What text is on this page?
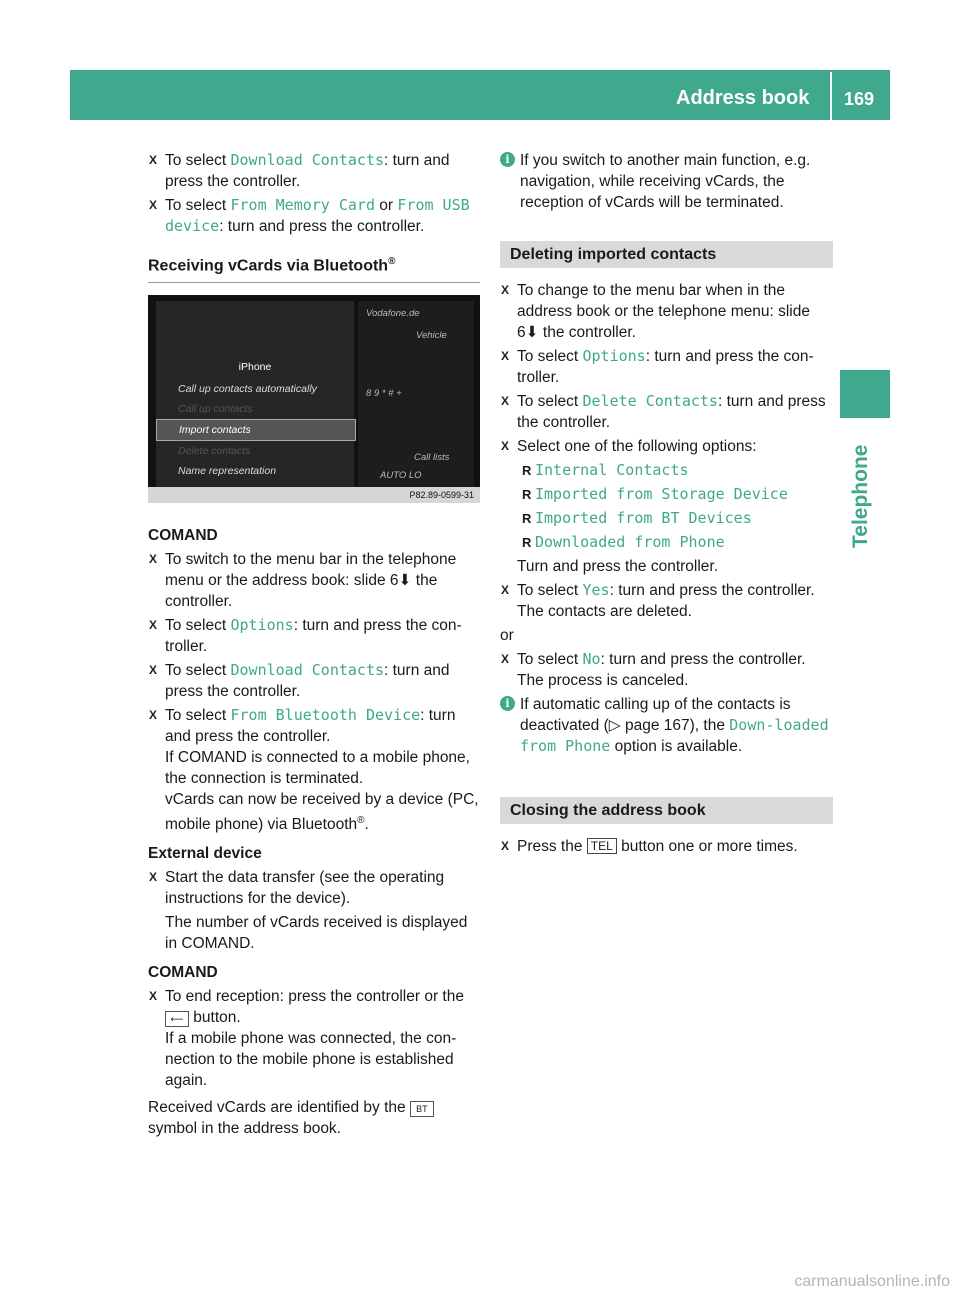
Address book 169
Telephone
X To select Download Contacts: turn and press the controller.

X To select From Memory Card or From USB device: turn and press the controller.

Receiving vCards via Bluetooth®
iPhone
Call up contacts automatically
Call up contacts
Import contacts
Delete contacts
Name representation
Vodafone.de
Vehicle
8 9 * # +
Call lists
AUTO LO
P82.89-0599-31
COMAND
X To switch to the menu bar in the telephone menu or the address book: slide 6⬇ the controller.

X To select Options: turn and press the con-troller.

X To select Download Contacts: turn and press the controller.

X To select From Bluetooth Device: turn and press the controller.

If COMAND is connected to a mobile phone, the connection is terminated.

vCards can now be received by a device (PC, mobile phone) via Bluetooth®.

External device
X Start the data transfer (see the operating instructions for the device).

The number of vCards received is displayed in COMAND.

COMAND
X To end reception: press the controller or the ⟵ button.

If a mobile phone was connected, the con-nection to the mobile phone is established again.

Received vCards are identified by the BT symbol in the address book.

i If you switch to another main function, e.g. navigation, while receiving vCards, the reception of vCards will be terminated.

Deleting imported contacts
X To change to the menu bar when in the address book or the telephone menu: slide 6⬇ the controller.

X To select Options: turn and press the con-troller.

X To select Delete Contacts: turn and press the controller.

X Select one of the following options:

R Internal Contacts
R Imported from Storage Device
R Imported from BT Devices
R Downloaded from Phone

Turn and press the controller.

X To select Yes: turn and press the controller.

The contacts are deleted.

or

X To select No: turn and press the controller.

The process is canceled.

i If automatic calling up of the contacts is deactivated (▷ page 167), the Down-loaded from Phone option is available.

Closing the address book
X Press the TEL button one or more times.

carmanualsonline.info
